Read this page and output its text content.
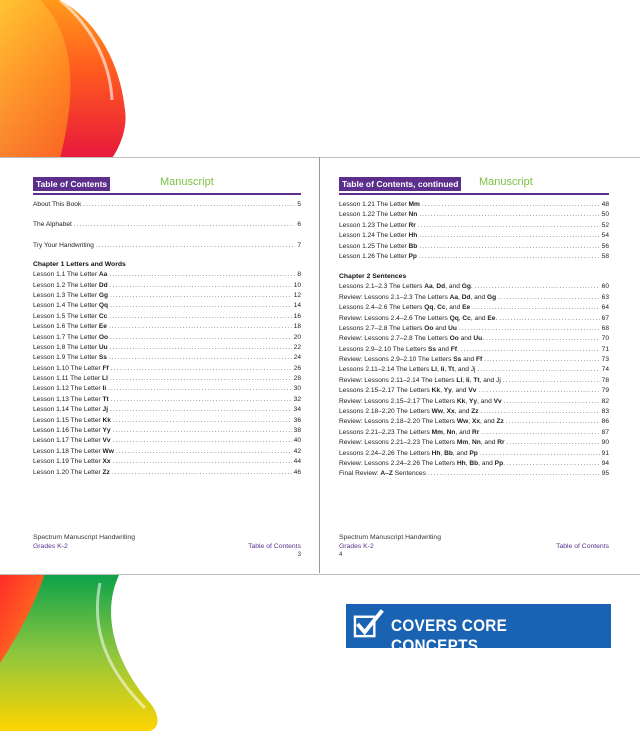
Table of Contents	Manuscript
About This Book .....	5
The Alphabet .....	6
Try Your Handwriting .....	7
Chapter 1 Letters and Words
Lesson 1.1 The Letter Aa .....	8
Lesson 1.2 The Letter Dd .....	10
Lesson 1.3 The Letter Gg .....	12
Lesson 1.4 The Letter Qq .....	14
Lesson 1.5 The Letter Cc .....	16
Lesson 1.6 The Letter Ee .....	18
Lesson 1.7 The Letter Oo .....	20
Lesson 1.8 The Letter Uu .....	22
Lesson 1.9 The Letter Ss .....	24
Lesson 1.10 The Letter Ff .....	26
Lesson 1.11 The Letter Ll .....	28
Lesson 1.12 The Letter Ii .....	30
Lesson 1.13 The Letter Tt .....	32
Lesson 1.14 The Letter Jj .....	34
Lesson 1.15 The Letter Kk .....	36
Lesson 1.16 The Letter Yy .....	38
Lesson 1.17 The Letter Vv .....	40
Lesson 1.18 The Letter Ww .....	42
Lesson 1.19 The Letter Xx .....	44
Lesson 1.20 The Letter Zz .....	46
Spectrum Manuscript Handwriting
Grades K-2	Table of Contents
3
Table of Contents, continued Manuscript
Lesson 1.21 The Letter Mm .....	48
Lesson 1.22 The Letter Nn .....	50
Lesson 1.23 The Letter Rr .....	52
Lesson 1.24 The Letter Hh .....	54
Lesson 1.25 The Letter Bb .....	56
Lesson 1.26 The Letter Pp .....	58
Chapter 2 Sentences
Lessons 2.1–2.3 The Letters Aa, Dd, and Gg. .....	60
Review: Lessons 2.1–2.3 The Letters Aa, Dd, and Gg .....	63
Lessons 2.4–2.6 The Letters Qq, Cc, and Ee .....	64
Review: Lessons 2.4–2.6 The Letters Qq, Cc, and Ee. .....	67
Lessons 2.7–2.8 The Letters Oo and Uu .....	68
Review: Lessons 2.7–2.8 The Letters Oo and Uu. .....	70
Lessons 2.9–2.10 The Letters Ss and Ff. .....	71
Review: Lessons 2.9–2.10 The Letters Ss and Ff .....	73
Lessons 2.11–2.14 The Letters Ll, Ii, Tt, and Jj .....	74
Review: Lessons 2.11–2.14 The Letters Ll, Ii, Tt, and Jj .....	78
Lessons 2.15–2.17 The Letters Kk, Yy, and Vv .....	79
Review: Lessons 2.15–2.17 The Letters Kk, Yy, and Vv .....	82
Lessons 2.18–2.20 The Letters Ww, Xx, and Zz .....	83
Review: Lessons 2.18–2.20 The Letters Ww, Xx, and Zz .....	86
Lessons 2.21–2.23 The Letters Mm, Nn, and Rr .....	87
Review: Lessons 2.21–2.23 The Letters Mm, Nn, and Rr .....	90
Lessons 2.24–2.26 The Letters Hh, Bb, and Pp .....	91
Review: Lessons 2.24–2.26 The Letters Hh, Bb, and Pp. .....	94
Final Review: A–Z Sentences .....	95
Spectrum Manuscript Handwriting
Grades K-2	Table of Contents
4
COVERS CORE CONCEPTS
